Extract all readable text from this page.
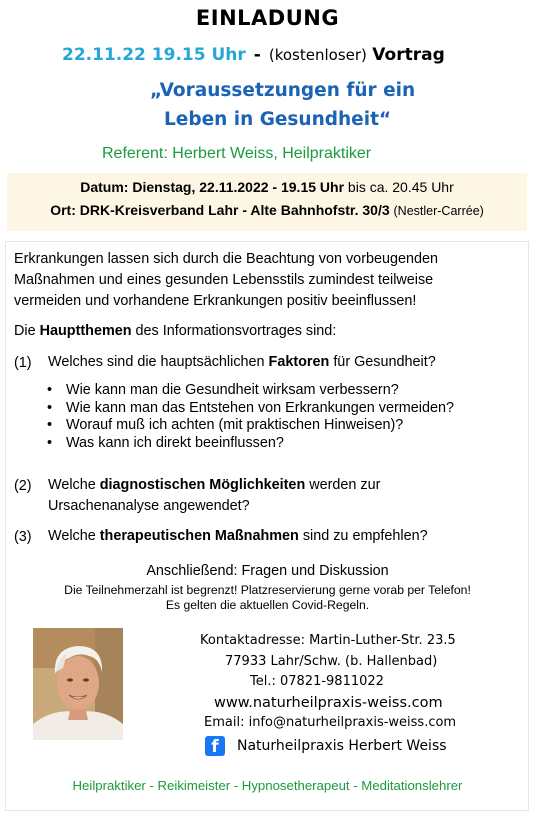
EINLADUNG
22.11.22 19.15 Uhr - (kostenloser) Vortrag
„Voraussetzungen für ein
Leben in Gesundheit“
Referent: Herbert Weiss, Heilpraktiker
Datum: Dienstag, 22.11.2022 - 19.15 Uhr bis ca. 20.45 Uhr
Ort: DRK-Kreisverband Lahr - Alte Bahnhofstr. 30/3 (Nestler-Carrée)
Erkrankungen lassen sich durch die Beachtung von vorbeugenden
Maßnahmen und eines gesunden Lebensstils zumindest teilweise
vermeiden und vorhandene Erkrankungen positiv beeinflussen!
Die Hauptthemen des Informationsvortrages sind:
(1) Welches sind die hauptsächlichen Faktoren für Gesundheit?
• Wie kann man die Gesundheit wirksam verbessern?
• Wie kann man das Entstehen von Erkrankungen vermeiden?
• Worauf muß ich achten (mit praktischen Hinweisen)?
• Was kann ich direkt beeinflussen?
(2) Welche diagnostischen Möglichkeiten werden zur
Ursachenanalyse angewendet?
(3) Welche therapeutischen Maßnahmen sind zu empfehlen?
Anschließend: Fragen und Diskussion
Die Teilnehmerzahl ist begrenzt! Platzreservierung gerne vorab per Telefon!
Es gelten die aktuellen Covid-Regeln.
Kontaktadresse: Martin-Luther-Str. 23.5
77933 Lahr/Schw. (b. Hallenbad)
Tel.: 07821-9811022
www.naturheilpraxis-weiss.com
Email: info@naturheilpraxis-weiss.com
f Naturheilpraxis Herbert Weiss
Heilpraktiker - Reikimeister - Hypnosetherapeut - Meditationslehrer
